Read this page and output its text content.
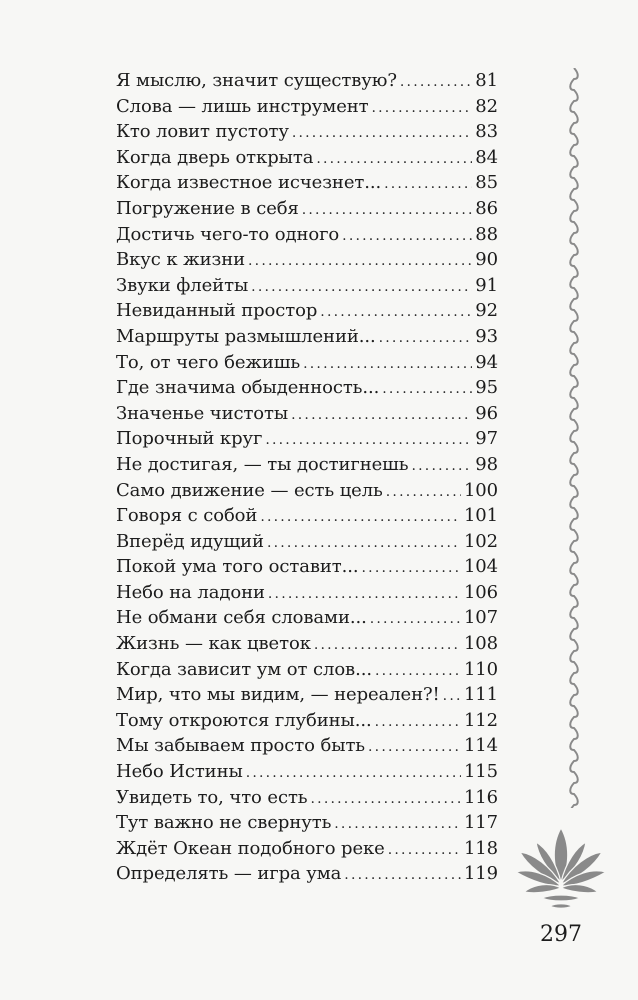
Я мыслю, значит существую? .....	81
Слова — лишь инструмент .....	82
Кто ловит пустоту .....	83
Когда дверь открыта .....	84
Когда известное исчезнет... .....	85
Погружение в себя .....	86
Достичь чего-то одного .....	88
Вкус к жизни .....	90
Звуки флейты .....	91
Невиданный простор .....	92
Маршруты размышлений... .....	93
То, от чего бежишь .....	94
Где значима обыденность... .....	95
Значенье чистоты .....	96
Порочный круг .....	97
Не достигая, — ты достигнешь .....	98
Само движение — есть цель .....	100
Говоря с собой .....	101
Вперёд идущий .....	102
Покой ума того оставит... .....	104
Небо на ладони .....	106
Не обмани себя словами... .....	107
Жизнь — как цветок .....	108
Когда зависит ум от слов... .....	110
Мир, что мы видим, — нереален?! ..... 111
Тому откроются глубины... .....	112
Мы забываем просто быть .....	114
Небо Истины .....	115
Увидеть то, что есть .....	116
Тут важно не свернуть .....	117
Ждёт Океан подобного реке .....	118
Определять — игра ума .....	119
297
